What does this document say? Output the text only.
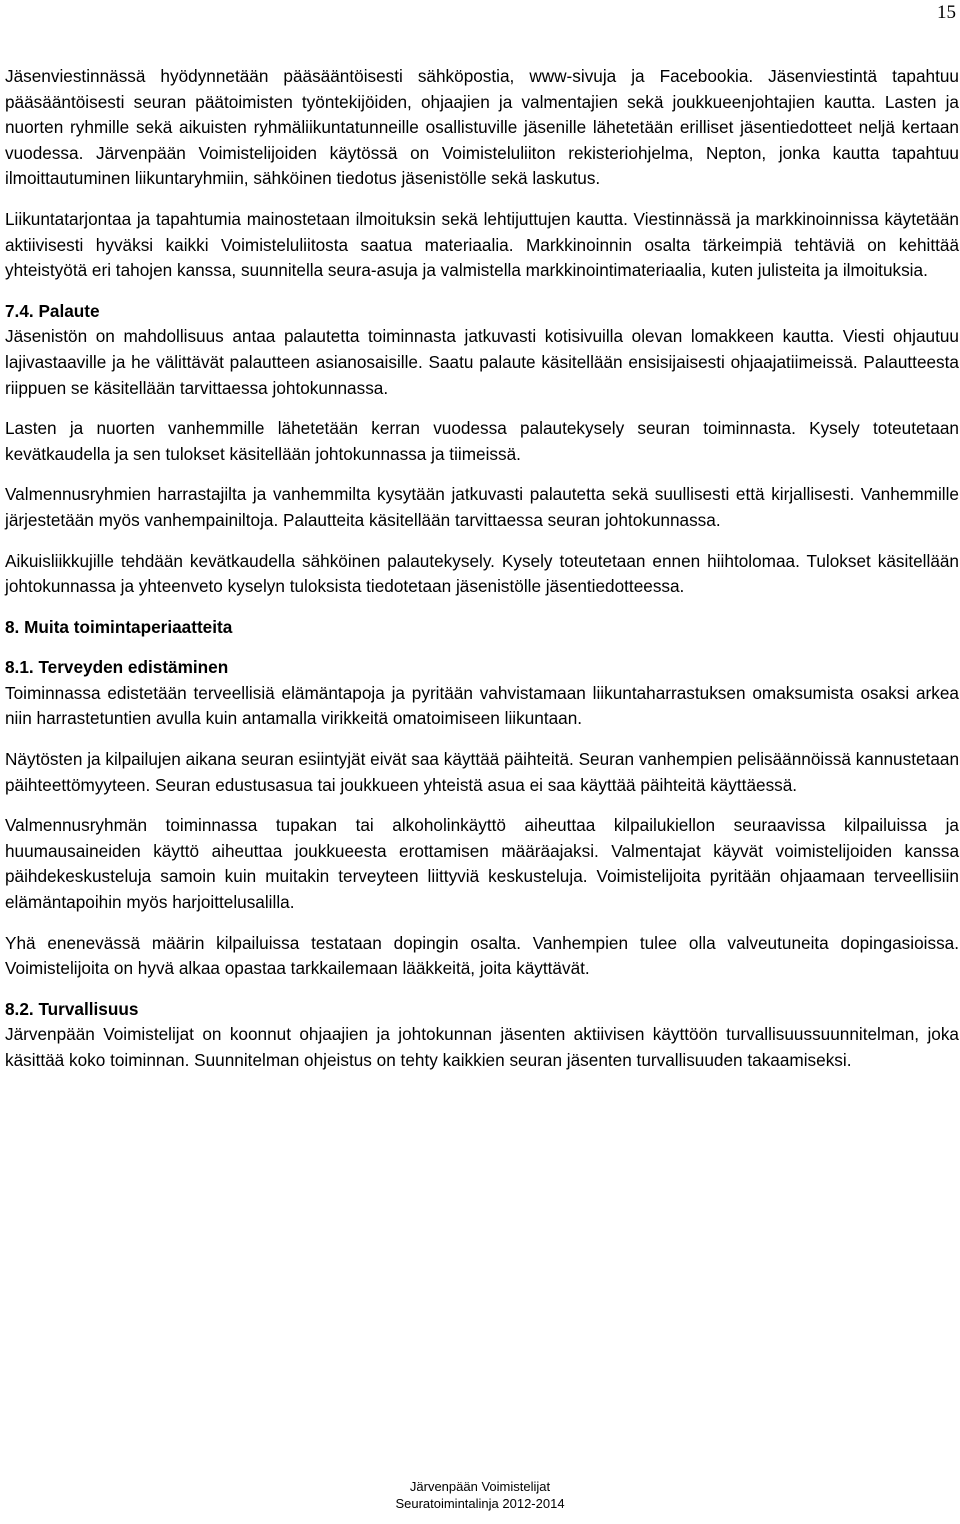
15

Jäsenviestinnässä hyödynnetään pääsääntöisesti sähköpostia, www-sivuja ja Facebookia. Jäsenviestintä tapahtuu pääsääntöisesti seuran päätoimisten työntekijöiden, ohjaajien ja valmentajien sekä joukkueenjohtajien kautta. Lasten ja nuorten ryhmille sekä aikuisten ryhmäliikuntatunneille osallistuville jäsenille lähetetään erilliset jäsentiedotteet neljä kertaan vuodessa. Järvenpään Voimistelijoiden käytössä on Voimisteluliiton rekisteriohjelma, Nepton, jonka kautta tapahtuu ilmoittautuminen liikuntaryhmiin, sähköinen tiedotus jäsenistölle sekä laskutus.

Liikuntatarjontaa ja tapahtumia mainostetaan ilmoituksin sekä lehtijuttujen kautta. Viestinnässä ja markkinoinnissa käytetään aktiivisesti hyväksi kaikki Voimisteluliitosta saatua materiaalia. Markkinoinnin osalta tärkeimpiä tehtäviä on kehittää yhteistyötä eri tahojen kanssa, suunnitella seura-asuja ja valmistella markkinointimateriaalia, kuten julisteita ja ilmoituksia.

7.4. Palaute

Jäsenistön on mahdollisuus antaa palautetta toiminnasta jatkuvasti kotisivuilla olevan lomakkeen kautta. Viesti ohjautuu lajivastaaville ja he välittävät palautteen asianosaisille. Saatu palaute käsitellään ensisijaisesti ohjaajatiimeissä. Palautteesta riippuen se käsitellään tarvittaessa johtokunnassa.

Lasten ja nuorten vanhemmille lähetetään kerran vuodessa palautekysely seuran toiminnasta. Kysely toteutetaan kevätkaudella ja sen tulokset käsitellään johtokunnassa ja tiimeissä.

Valmennusryhmien harrastajilta ja vanhemmilta kysytään jatkuvasti palautetta sekä suullisesti että kirjallisesti. Vanhemmille järjestetään myös vanhempainiltoja. Palautteita käsitellään tarvittaessa seuran johtokunnassa.

Aikuisliikkujille tehdään kevätkaudella sähköinen palautekysely. Kysely toteutetaan ennen hiihtolomaa. Tulokset käsitellään johtokunnassa ja yhteenveto kyselyn tuloksista tiedotetaan jäsenistölle jäsentiedotteessa.

8. Muita toimintaperiaatteita
8.1. Terveyden edistäminen

Toiminnassa edistetään terveellisiä elämäntapoja ja pyritään vahvistamaan liikuntaharrastuksen omaksumista osaksi arkea niin harrastetuntien avulla kuin antamalla virikkeitä omatoimiseen liikuntaan.

Näytösten ja kilpailujen aikana seuran esiintyjät eivät saa käyttää päihteitä. Seuran vanhempien pelisäännöissä kannustetaan päihteettömyyteen. Seuran edustusasua tai joukkueen yhteistä asua ei saa käyttää päihteitä käyttäessä.

Valmennusryhmän toiminnassa tupakan tai alkoholinkäyttö aiheuttaa kilpailukiellon seuraavissa kilpailuissa ja huumausaineiden käyttö aiheuttaa joukkueesta erottamisen määräajaksi. Valmentajat käyvät voimistelijoiden kanssa päihdekeskusteluja samoin kuin muitakin terveyteen liittyviä keskusteluja. Voimistelijoita pyritään ohjaamaan terveellisiin elämäntapoihin myös harjoittelusalilla.

Yhä enenevässä määrin kilpailuissa testataan dopingin osalta. Vanhempien tulee olla valveutuneita dopingasioissa. Voimistelijoita on hyvä alkaa opastaa tarkkailemaan lääkkeitä, joita käyttävät.

8.2. Turvallisuus

Järvenpään Voimistelijat on koonnut ohjaajien ja johtokunnan jäsenten aktiivisen käyttöön turvallisuussuunnitelman, joka käsittää koko toiminnan. Suunnitelman ohjeistus on tehty kaikkien seuran jäsenten turvallisuuden takaamiseksi.

Järvenpään Voimistelijat
Seuratoimintalinja 2012-2014
